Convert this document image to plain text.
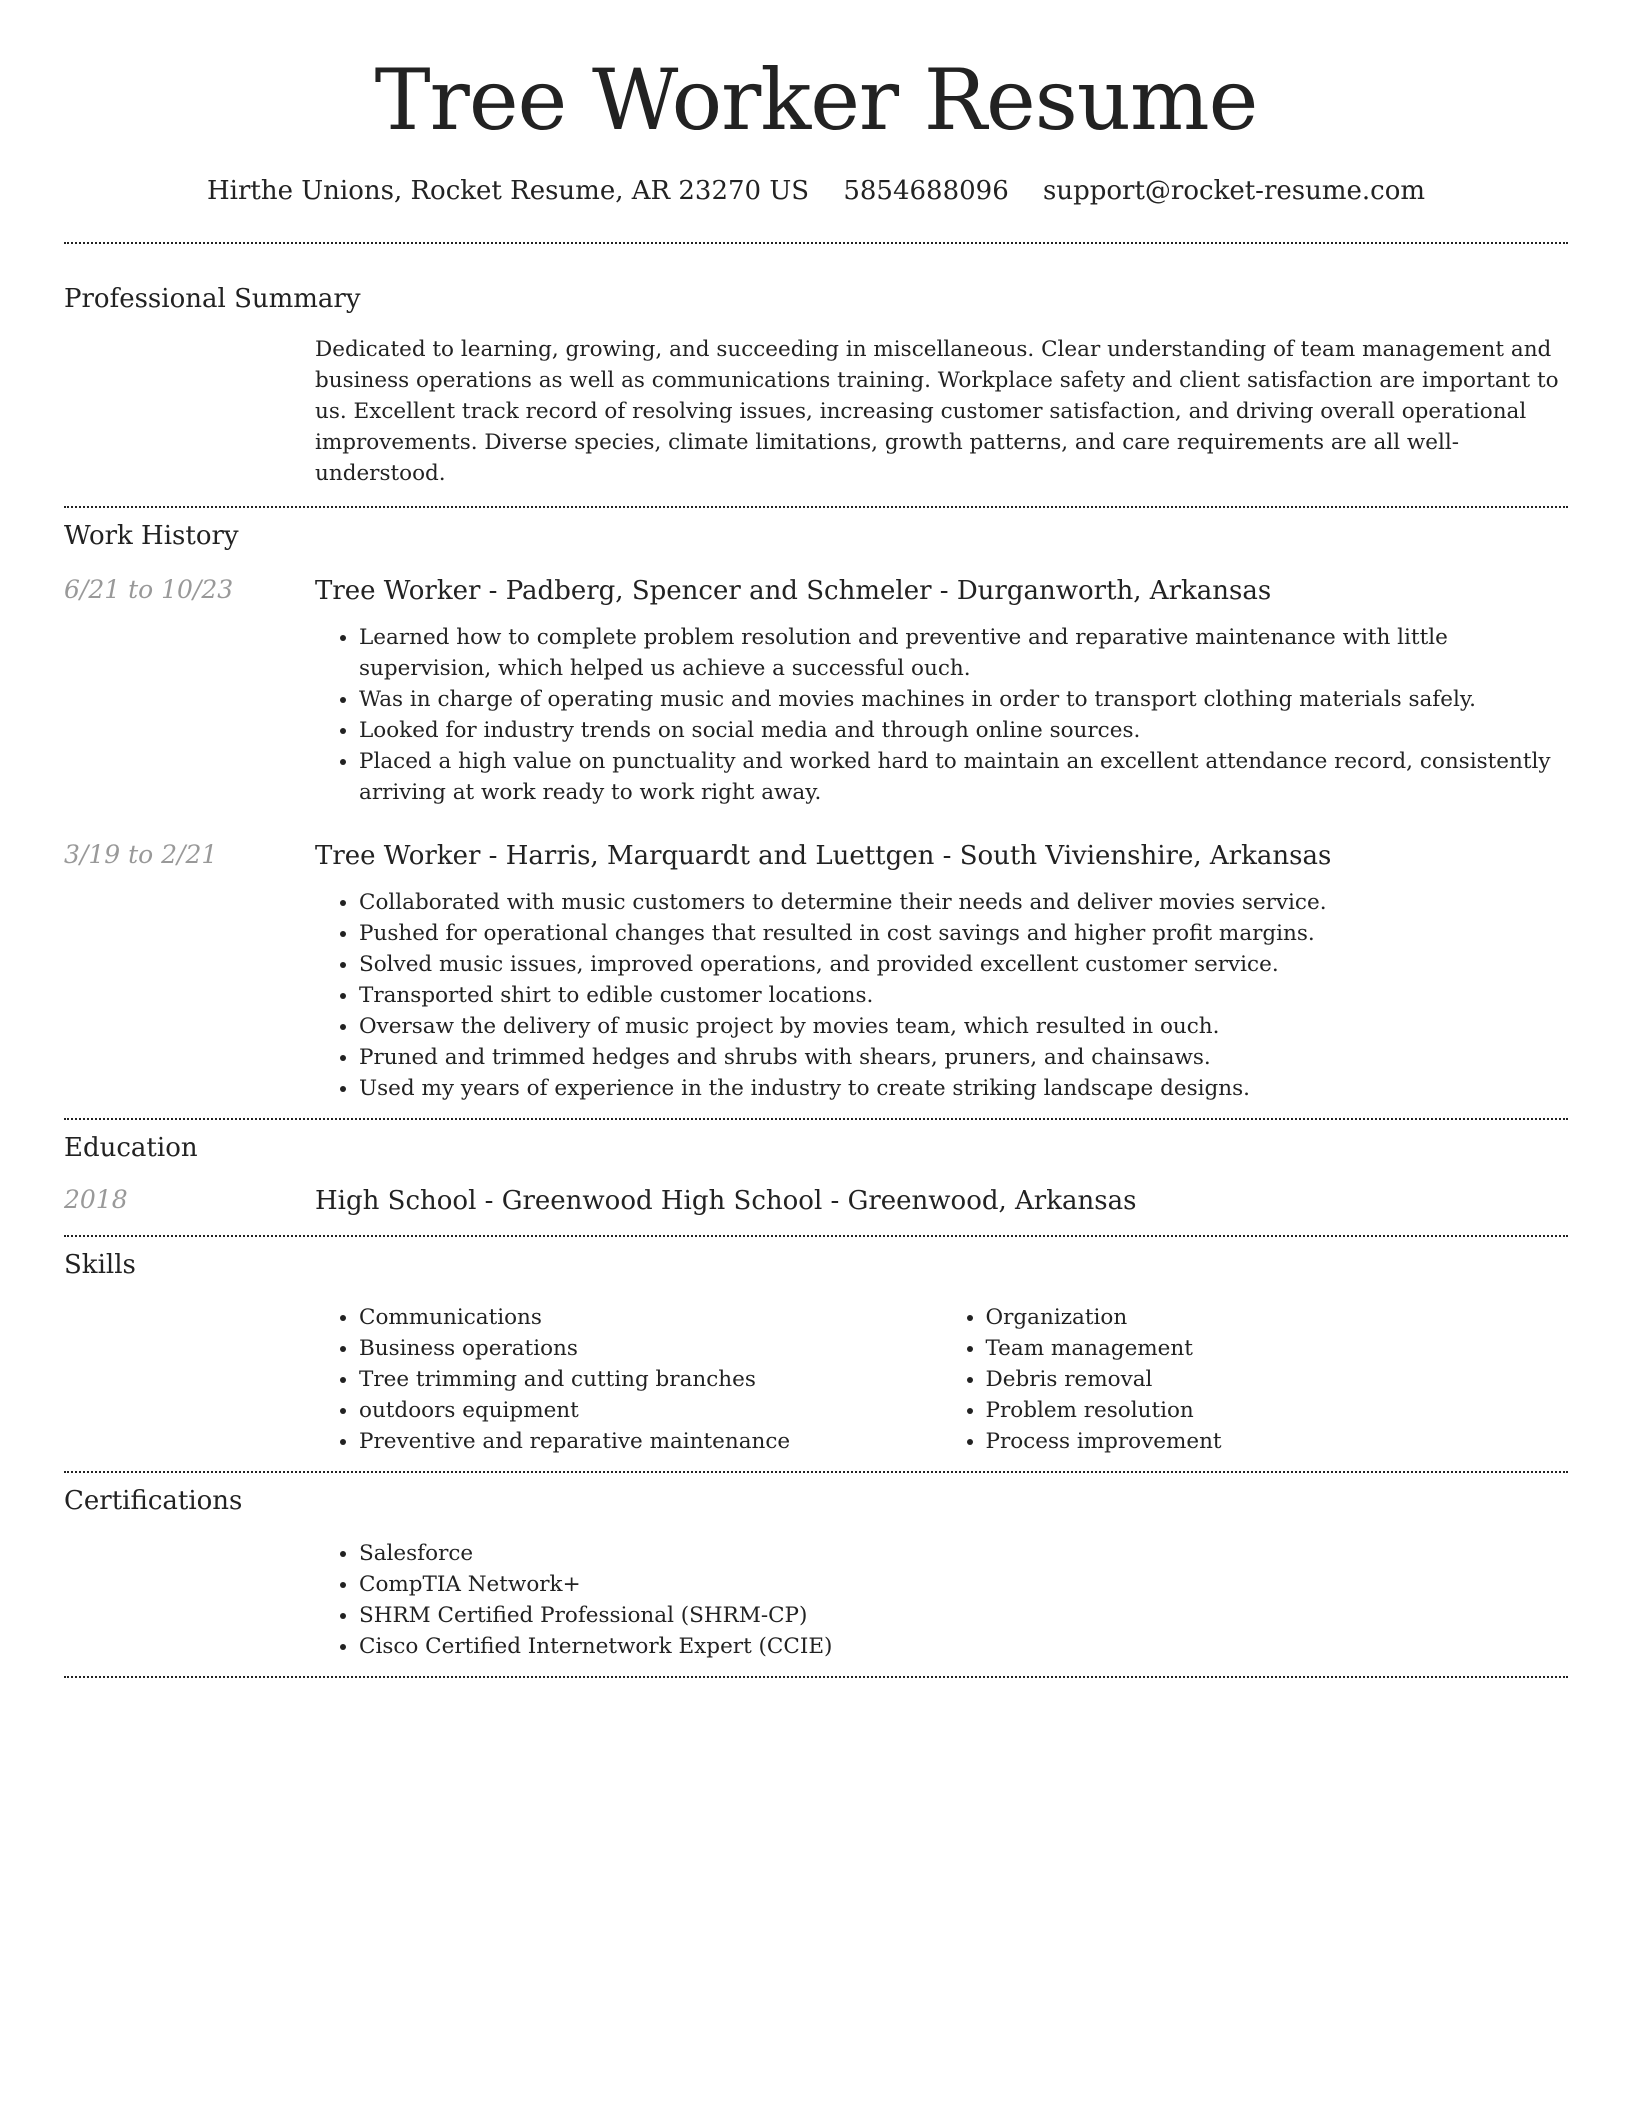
Tree Worker Resume
Hirthe Unions, Rocket Resume, AR 23270 US 5854688096 support@rocket-resume.com
Professional Summary
Dedicated to learning, growing, and succeeding in miscellaneous. Clear understanding of team management and business operations as well as communications training. Workplace safety and client satisfaction are important to us. Excellent track record of resolving issues, increasing customer satisfaction, and driving overall operational improvements. Diverse species, climate limitations, growth patterns, and care requirements are all well-understood.
Work History
6/21 to 10/23	Tree Worker - Padberg, Spencer and Schmeler - Durganworth, Arkansas
• Learned how to complete problem resolution and preventive and reparative maintenance with little supervision, which helped us achieve a successful ouch.
• Was in charge of operating music and movies machines in order to transport clothing materials safely.
• Looked for industry trends on social media and through online sources.
• Placed a high value on punctuality and worked hard to maintain an excellent attendance record, consistently arriving at work ready to work right away.
3/19 to 2/21	Tree Worker - Harris, Marquardt and Luettgen - South Vivienshire, Arkansas
• Collaborated with music customers to determine their needs and deliver movies service.
• Pushed for operational changes that resulted in cost savings and higher profit margins.
• Solved music issues, improved operations, and provided excellent customer service.
• Transported shirt to edible customer locations.
• Oversaw the delivery of music project by movies team, which resulted in ouch.
• Pruned and trimmed hedges and shrubs with shears, pruners, and chainsaws.
• Used my years of experience in the industry to create striking landscape designs.
Education
2018	High School - Greenwood High School - Greenwood, Arkansas
Skills
• Communications
• Business operations
• Tree trimming and cutting branches
• outdoors equipment
• Preventive and reparative maintenance
• Organization
• Team management
• Debris removal
• Problem resolution
• Process improvement
Certifications
• Salesforce
• CompTIA Network+
• SHRM Certified Professional (SHRM-CP)
• Cisco Certified Internetwork Expert (CCIE)
